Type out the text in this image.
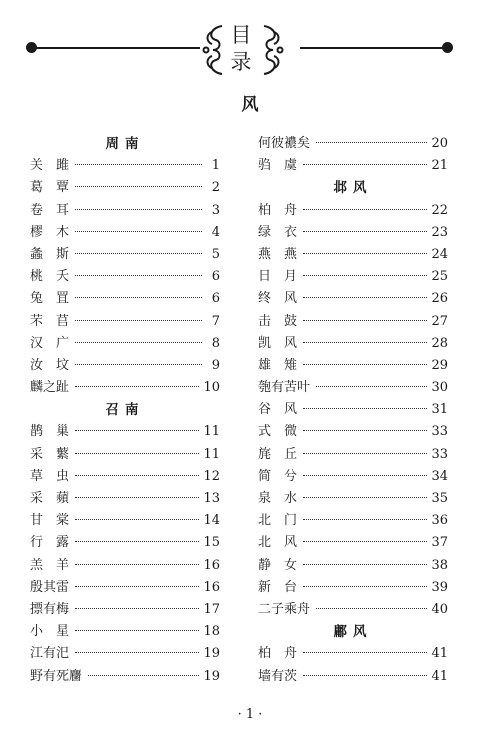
目
录
风
周南
关　雎	1
葛　覃	2
卷　耳	3
樛　木	4
螽　斯	5
桃　夭	6
兔　罝	6
芣　苢	7
汉　广	8
汝　坟	9
麟之趾	10
召南
鹊　巢	11
采　蘩	11
草　虫	12
采　蘋	13
甘　棠	14
行　露	15
羔　羊	16
殷其雷	16
摽有梅	17
小　星	18
江有汜	19
野有死麕	19
何彼襛矣	20
驺　虞	21
邶风
柏　舟	22
绿　衣	23
燕　燕	24
日　月	25
终　风	26
击　鼓	27
凯　风	28
雄　雉	29
匏有苦叶	30
谷　风	31
式　微	33
旄　丘	33
简　兮	34
泉　水	35
北　门	36
北　风	37
静　女	38
新　台	39
二子乘舟	40
鄘风
柏　舟	41
墙有茨	41
· 1 ·
